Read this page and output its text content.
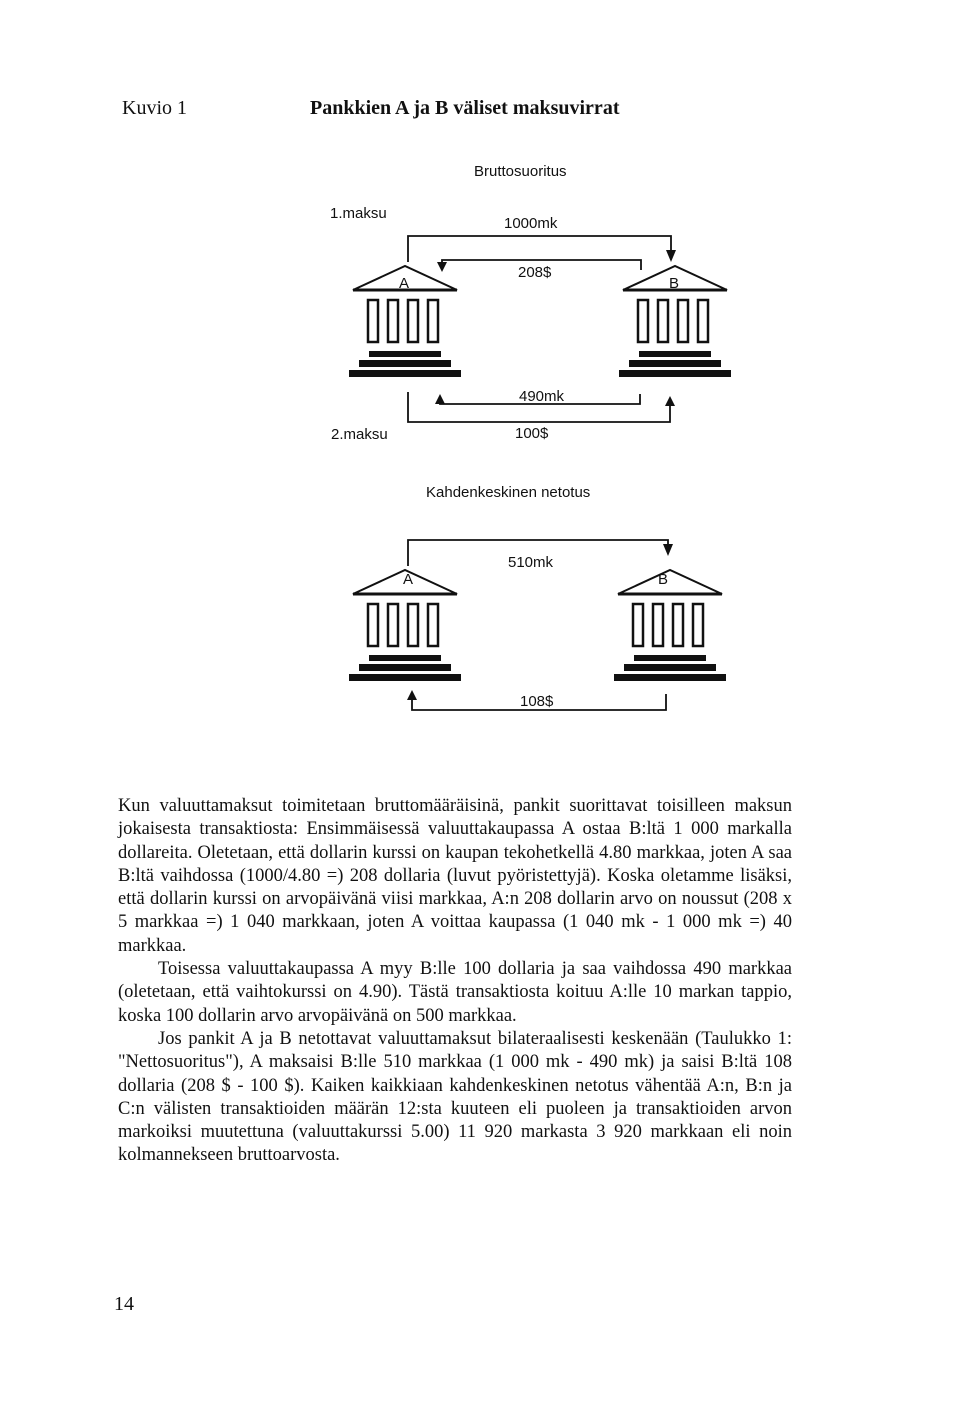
Kuvio 1	Pankkien A ja B väliset maksuvirrat
Bruttosuoritus
1.maksu
1000mk
208$
A	B
490mk
2.maksu	100$
Kahdenkeskinen netotus
510mk
A	B
108$

Kun valuuttamaksut toimitetaan bruttomääräisinä, pankit suorittavat toisilleen maksun jokaisesta transaktiosta: Ensimmäisessä valuuttakaupassa A ostaa B:ltä 1 000 markalla dollareita. Oletetaan, että dollarin kurssi on kaupan tekohetkellä 4.80 markkaa, joten A saa B:ltä vaihdossa (1000/4.80 =) 208 dollaria (luvut pyöristettyjä). Koska oletamme lisäksi, että dollarin kurssi on arvopäivänä viisi markkaa, A:n 208 dollarin arvo on noussut (208 x 5 markkaa =) 1 040 markkaan, joten A voittaa kaupassa (1 040 mk - 1 000 mk =) 40 markkaa.

Toisessa valuuttakaupassa A myy B:lle 100 dollaria ja saa vaihdossa 490 markkaa (oletetaan, että vaihtokurssi on 4.90). Tästä transaktiosta koituu A:lle 10 markan tappio, koska 100 dollarin arvo arvopäivänä on 500 markkaa.

Jos pankit A ja B netottavat valuuttamaksut bilateraalisesti keskenään (Taulukko 1: "Nettosuoritus"), A maksaisi B:lle 510 markkaa (1 000 mk - 490 mk) ja saisi B:ltä 108 dollaria (208 $ - 100 $). Kaiken kaikkiaan kahdenkeskinen netotus vähentää A:n, B:n ja C:n välisten transaktioiden määrän 12:sta kuuteen eli puoleen ja transaktioiden arvon markoiksi muutettuna (valuuttakurssi 5.00) 11 920 markasta 3 920 markkaan eli noin kolmannekseen bruttoarvosta.

14
